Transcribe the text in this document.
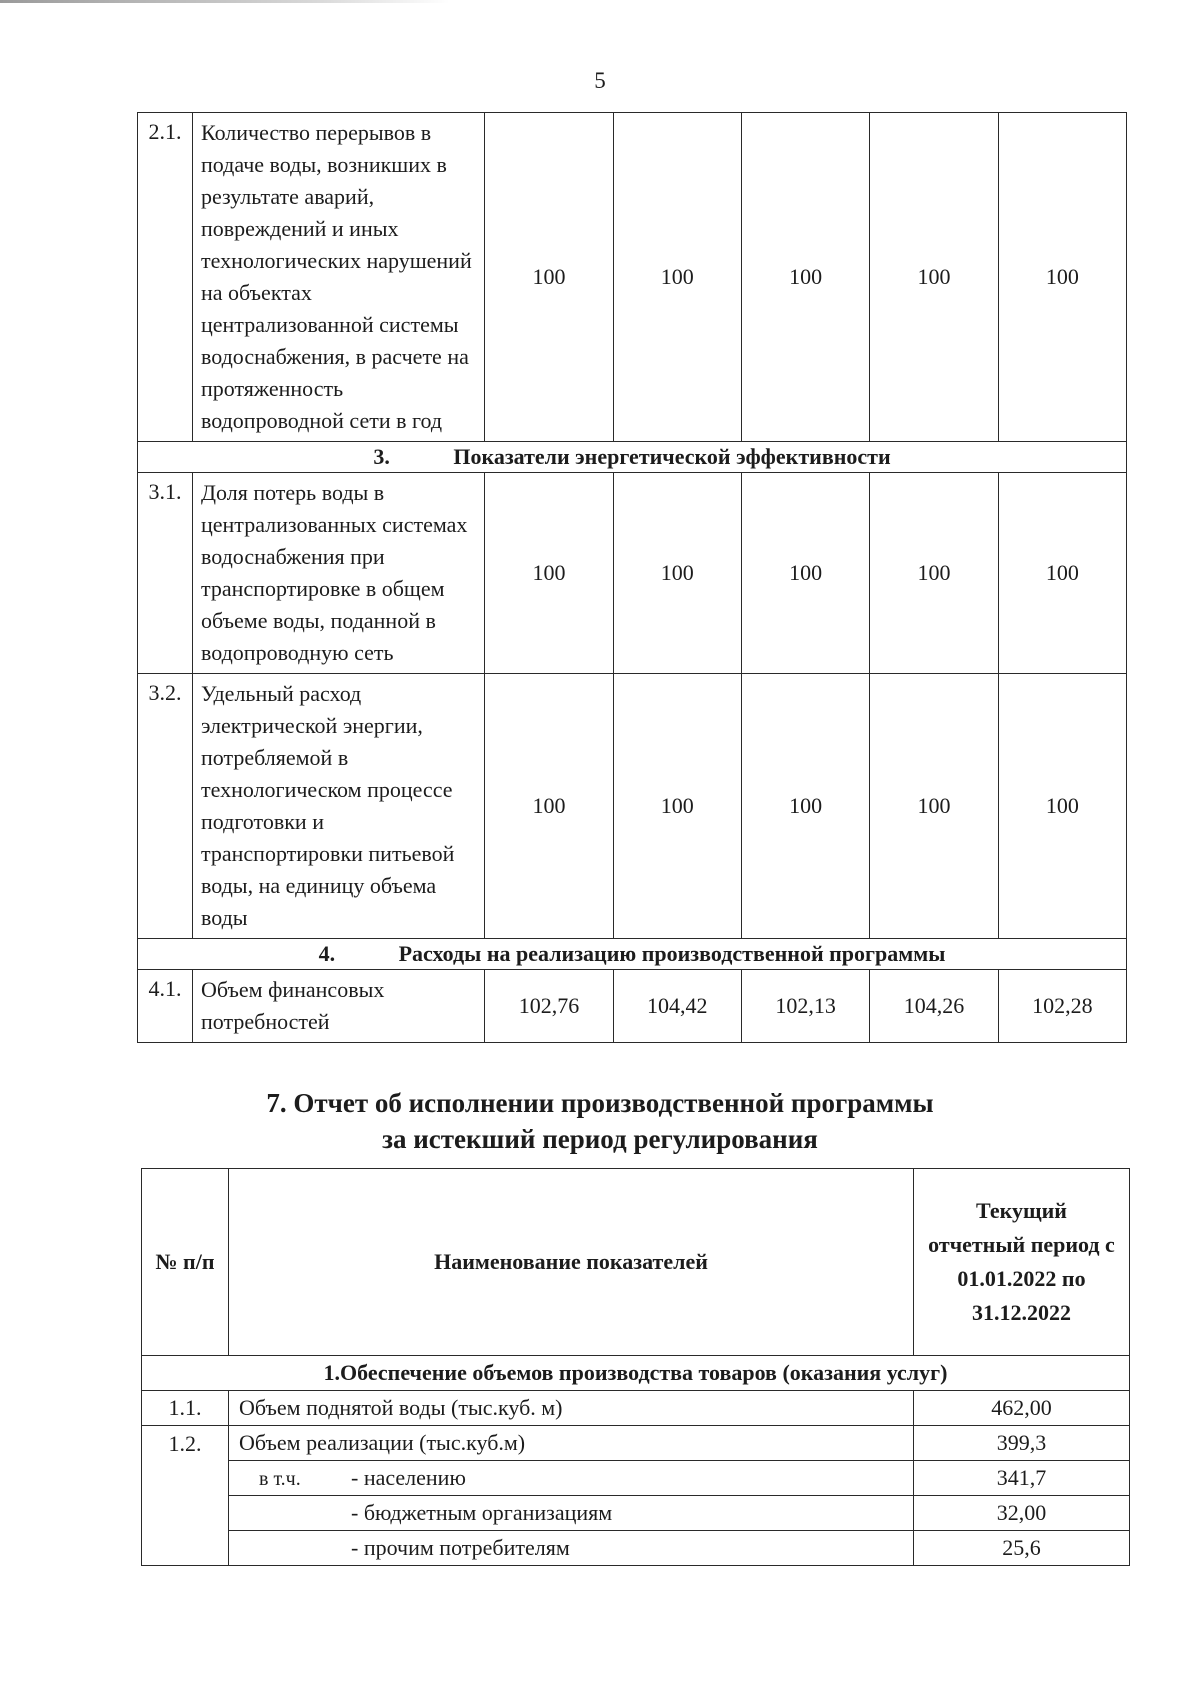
5
2.1.	Количество перерывов в подаче воды, возникших в результате аварий, повреждений и иных технологических нарушений на объектах централизованной системы водоснабжения, в расчете на протяженность водопроводной сети в год	100	100	100	100	100
3. Показатели энергетической эффективности						
3.1.	Доля потерь воды в централизованных системах водоснабжения при транспортировке в общем объеме воды, поданной в водопроводную сеть	100	100	100	100	100
3.2.	Удельный расход электрической энергии, потребляемой в технологическом процессе подготовки и транспортировки питьевой воды, на единицу объема воды	100	100	100	100	100
4. Расходы на реализацию производственной программы						
4.1.	Объем финансовых потребностей	102,76	104,42	102,13	104,26	102,28
7. Отчет об исполнении производственной программы
за истекший период регулирования
№ п/п	Наименование показателей	Текущий отчетный период с 01.01.2022 по 31.12.2022
1.Обеспечение объемов производства товаров (оказания услуг)		
1.1.	Объем поднятой воды (тыс.куб. м)	462,00
1.2.	Объем реализации (тыс.куб.м)	399,3
	в т.ч. - населению	341,7
	- бюджетным организациям	32,00
	- прочим потребителям	25,6
